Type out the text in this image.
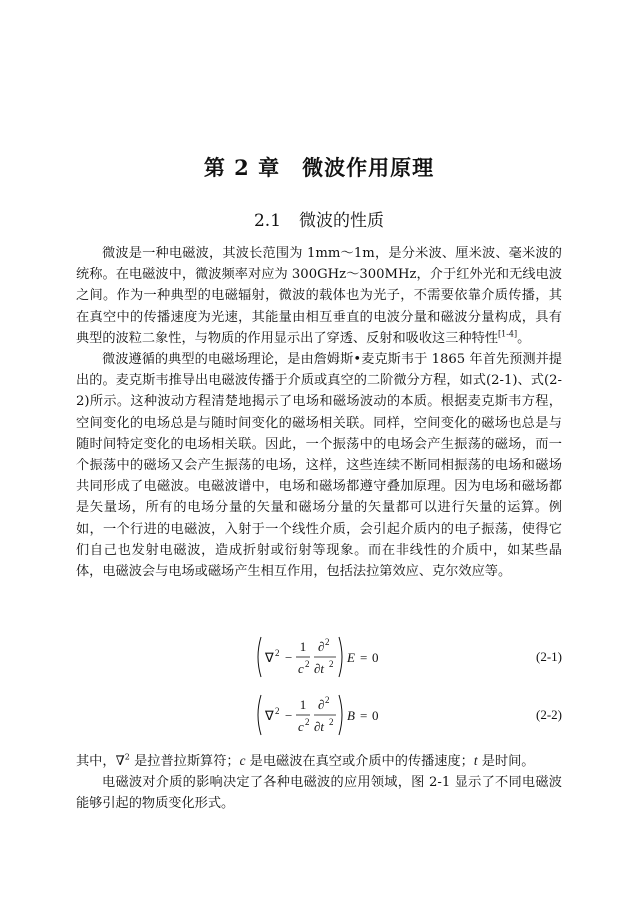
第 2 章　微波作用原理
2.1 微波的性质

微波是一种电磁波，其波长范围为 1mm～1m，是分米波、厘米波、毫米波的统称。在电磁波中，微波频率对应为 300GHz～300MHz，介于红外光和无线电波之间。作为一种典型的电磁辐射，微波的载体也为光子，不需要依靠介质传播，其在真空中的传播速度为光速，其能量由相互垂直的电波分量和磁波分量构成，具有典型的波粒二象性，与物质的作用显示出了穿透、反射和吸收这三种特性[1-4]。

微波遵循的典型的电磁场理论，是由詹姆斯•麦克斯韦于 1865 年首先预测并提出的。麦克斯韦推导出电磁波传播于介质或真空的二阶微分方程，如式(2-1)、式(2-2)所示。这种波动方程清楚地揭示了电场和磁场波动的本质。根据麦克斯韦方程，空间变化的电场总是与随时间变化的磁场相关联。同样，空间变化的磁场也总是与随时间特定变化的电场相关联。因此，一个振荡中的电场会产生振荡的磁场，而一个振荡中的磁场又会产生振荡的电场，这样，这些连续不断同相振荡的电场和磁场共同形成了电磁波。电磁波谱中，电场和磁场都遵守叠加原理。因为电场和磁场都是矢量场，所有的电场分量的矢量和磁场分量的矢量都可以进行矢量的运算。例如，一个行进的电磁波，入射于一个线性介质，会引起介质内的电子振荡，使得它们自己也发射电磁波，造成折射或衍射等现象。而在非线性的介质中，如某些晶体，电磁波会与电场或磁场产生相互作用，包括法拉第效应、克尔效应等。

∇ 2 −
1
c 2
∂ 2
∂t 2 E = 0	(2-1)
∇ 2 −
1
c 2
∂ 2
∂t 2 B = 0	(2-2)

其中，∇$^2$ 是拉普拉斯算符；c 是电磁波在真空或介质中的传播速度；t 是时间。

电磁波对介质的影响决定了各种电磁波的应用领域，图 2-1 显示了不同电磁波能够引起的物质变化形式。
